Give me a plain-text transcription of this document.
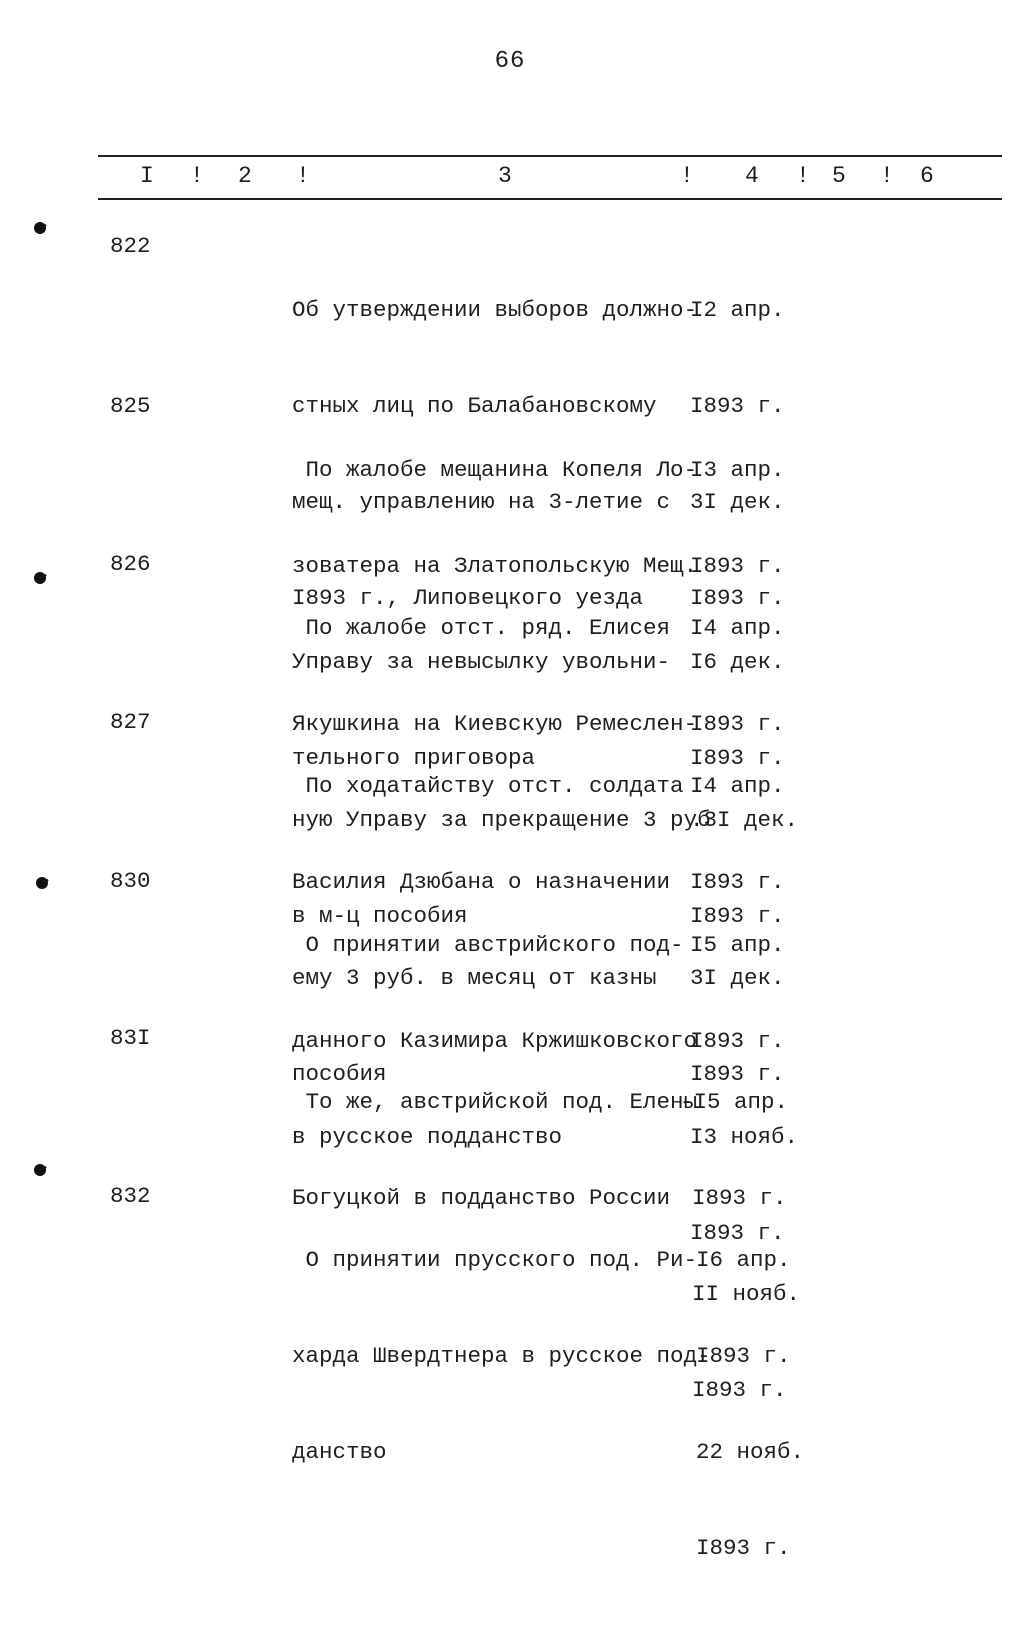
66
I ! 2 !	3	! 4 ! 5 ! 6
822

Об утверждении выборов должно-

стных лиц по Балабановскому

мещ. управлению на 3-летие с

I893 г., Липовецкого уезда

I2 апр.

I893 г.

3I дек.

I893 г.

825

По жалобе мещанина Копеля Ло-

зоватера на Златопольскую Мещ.

Управу за невысылку увольни-

тельного приговора

I3 апр.

I893 г.

I6 дек.

I893 г.

826

По жалобе отст. ряд. Елисея

Якушкина на Киевскую Ремеслен-

ную Управу за прекращение 3 руб

в м-ц пособия

I4 апр.

I893 г.

.3I дек.

I893 г.

827

По ходатайству отст. солдата

Василия Дзюбана о назначении

ему 3 руб. в месяц от казны

пособия

I4 апр.

I893 г.

3I дек.

I893 г.

830

О принятии австрийского под-

данного Казимира Кржишковского

в русское подданство

I5 апр.

I893 г.

I3 нояб.

I893 г.

83I

То же, австрийской под. Елены

Богуцкой в подданство России

-I5 апр.

I893 г.

II нояб.

I893 г.

832

О принятии прусского под. Ри-

харда Швердтнера в русское под-

данство

I6 апр.

I893 г.

22 нояб.

I893 г.
